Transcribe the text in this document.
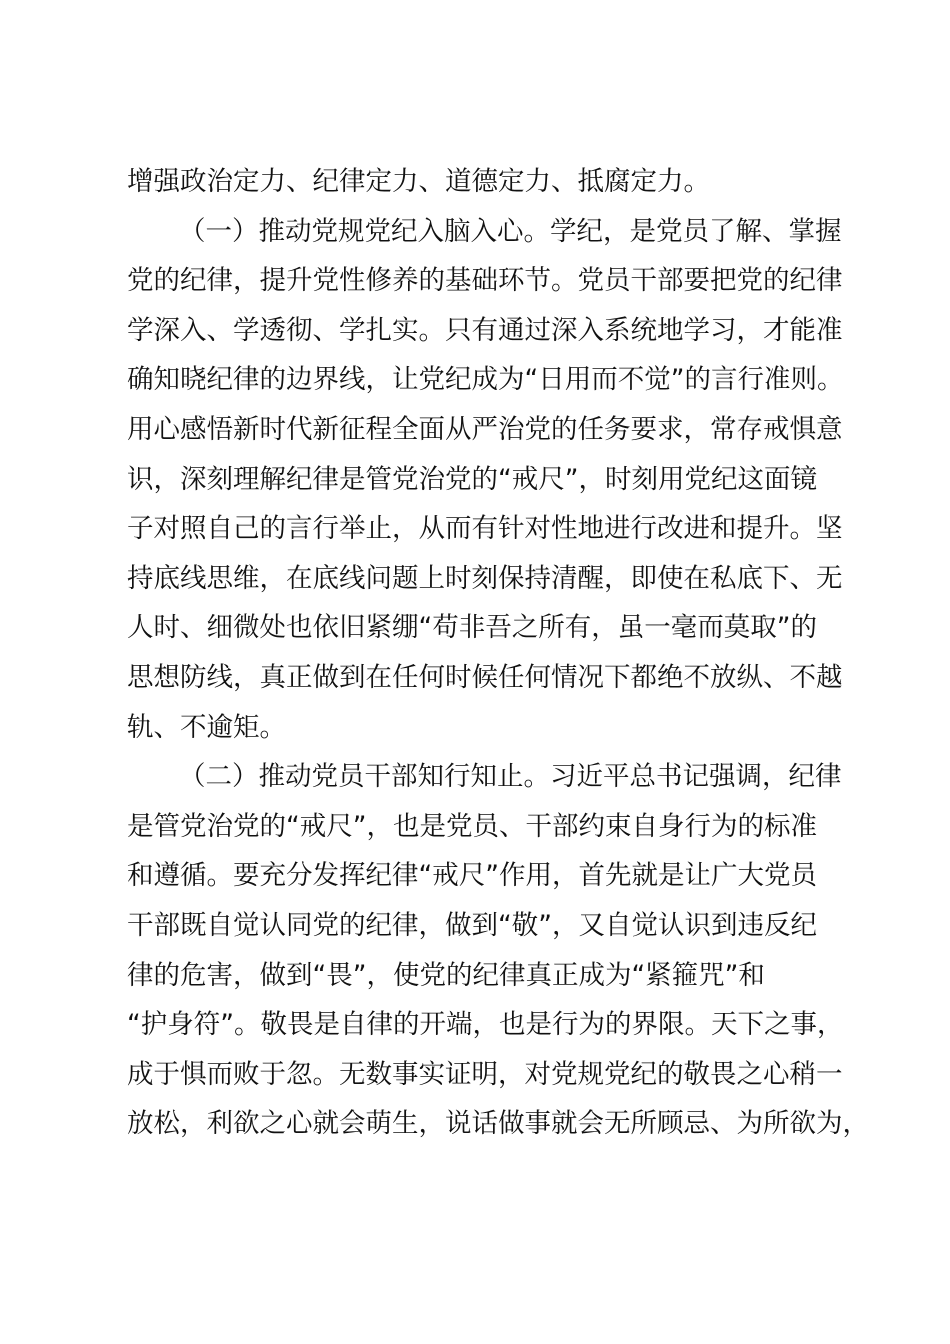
增强政治定力、纪律定力、道德定力、抵腐定力。
（一）推动党规党纪入脑入心。学纪，是党员了解、掌握
党的纪律，提升党性修养的基础环节。党员干部要把党的纪律
学深入、学透彻、学扎实。只有通过深入系统地学习，才能准
确知晓纪律的边界线，让党纪成为“日用而不觉”的言行准则。
用心感悟新时代新征程全面从严治党的任务要求，常存戒惧意
识，深刻理解纪律是管党治党的“戒尺”，时刻用党纪这面镜
子对照自己的言行举止，从而有针对性地进行改进和提升。坚
持底线思维，在底线问题上时刻保持清醒，即使在私底下、无
人时、细微处也依旧紧绷“苟非吾之所有，虽一毫而莫取”的
思想防线，真正做到在任何时候任何情况下都绝不放纵、不越
轨、不逾矩。
（二）推动党员干部知行知止。习近平总书记强调，纪律
是管党治党的“戒尺”，也是党员、干部约束自身行为的标准
和遵循。要充分发挥纪律“戒尺”作用，首先就是让广大党员
干部既自觉认同党的纪律，做到“敬”，又自觉认识到违反纪
律的危害，做到“畏”，使党的纪律真正成为“紧箍咒”和
“护身符”。敬畏是自律的开端，也是行为的界限。天下之事，
成于惧而败于忽。无数事实证明，对党规党纪的敬畏之心稍一
放松，利欲之心就会萌生，说话做事就会无所顾忌、为所欲为，
